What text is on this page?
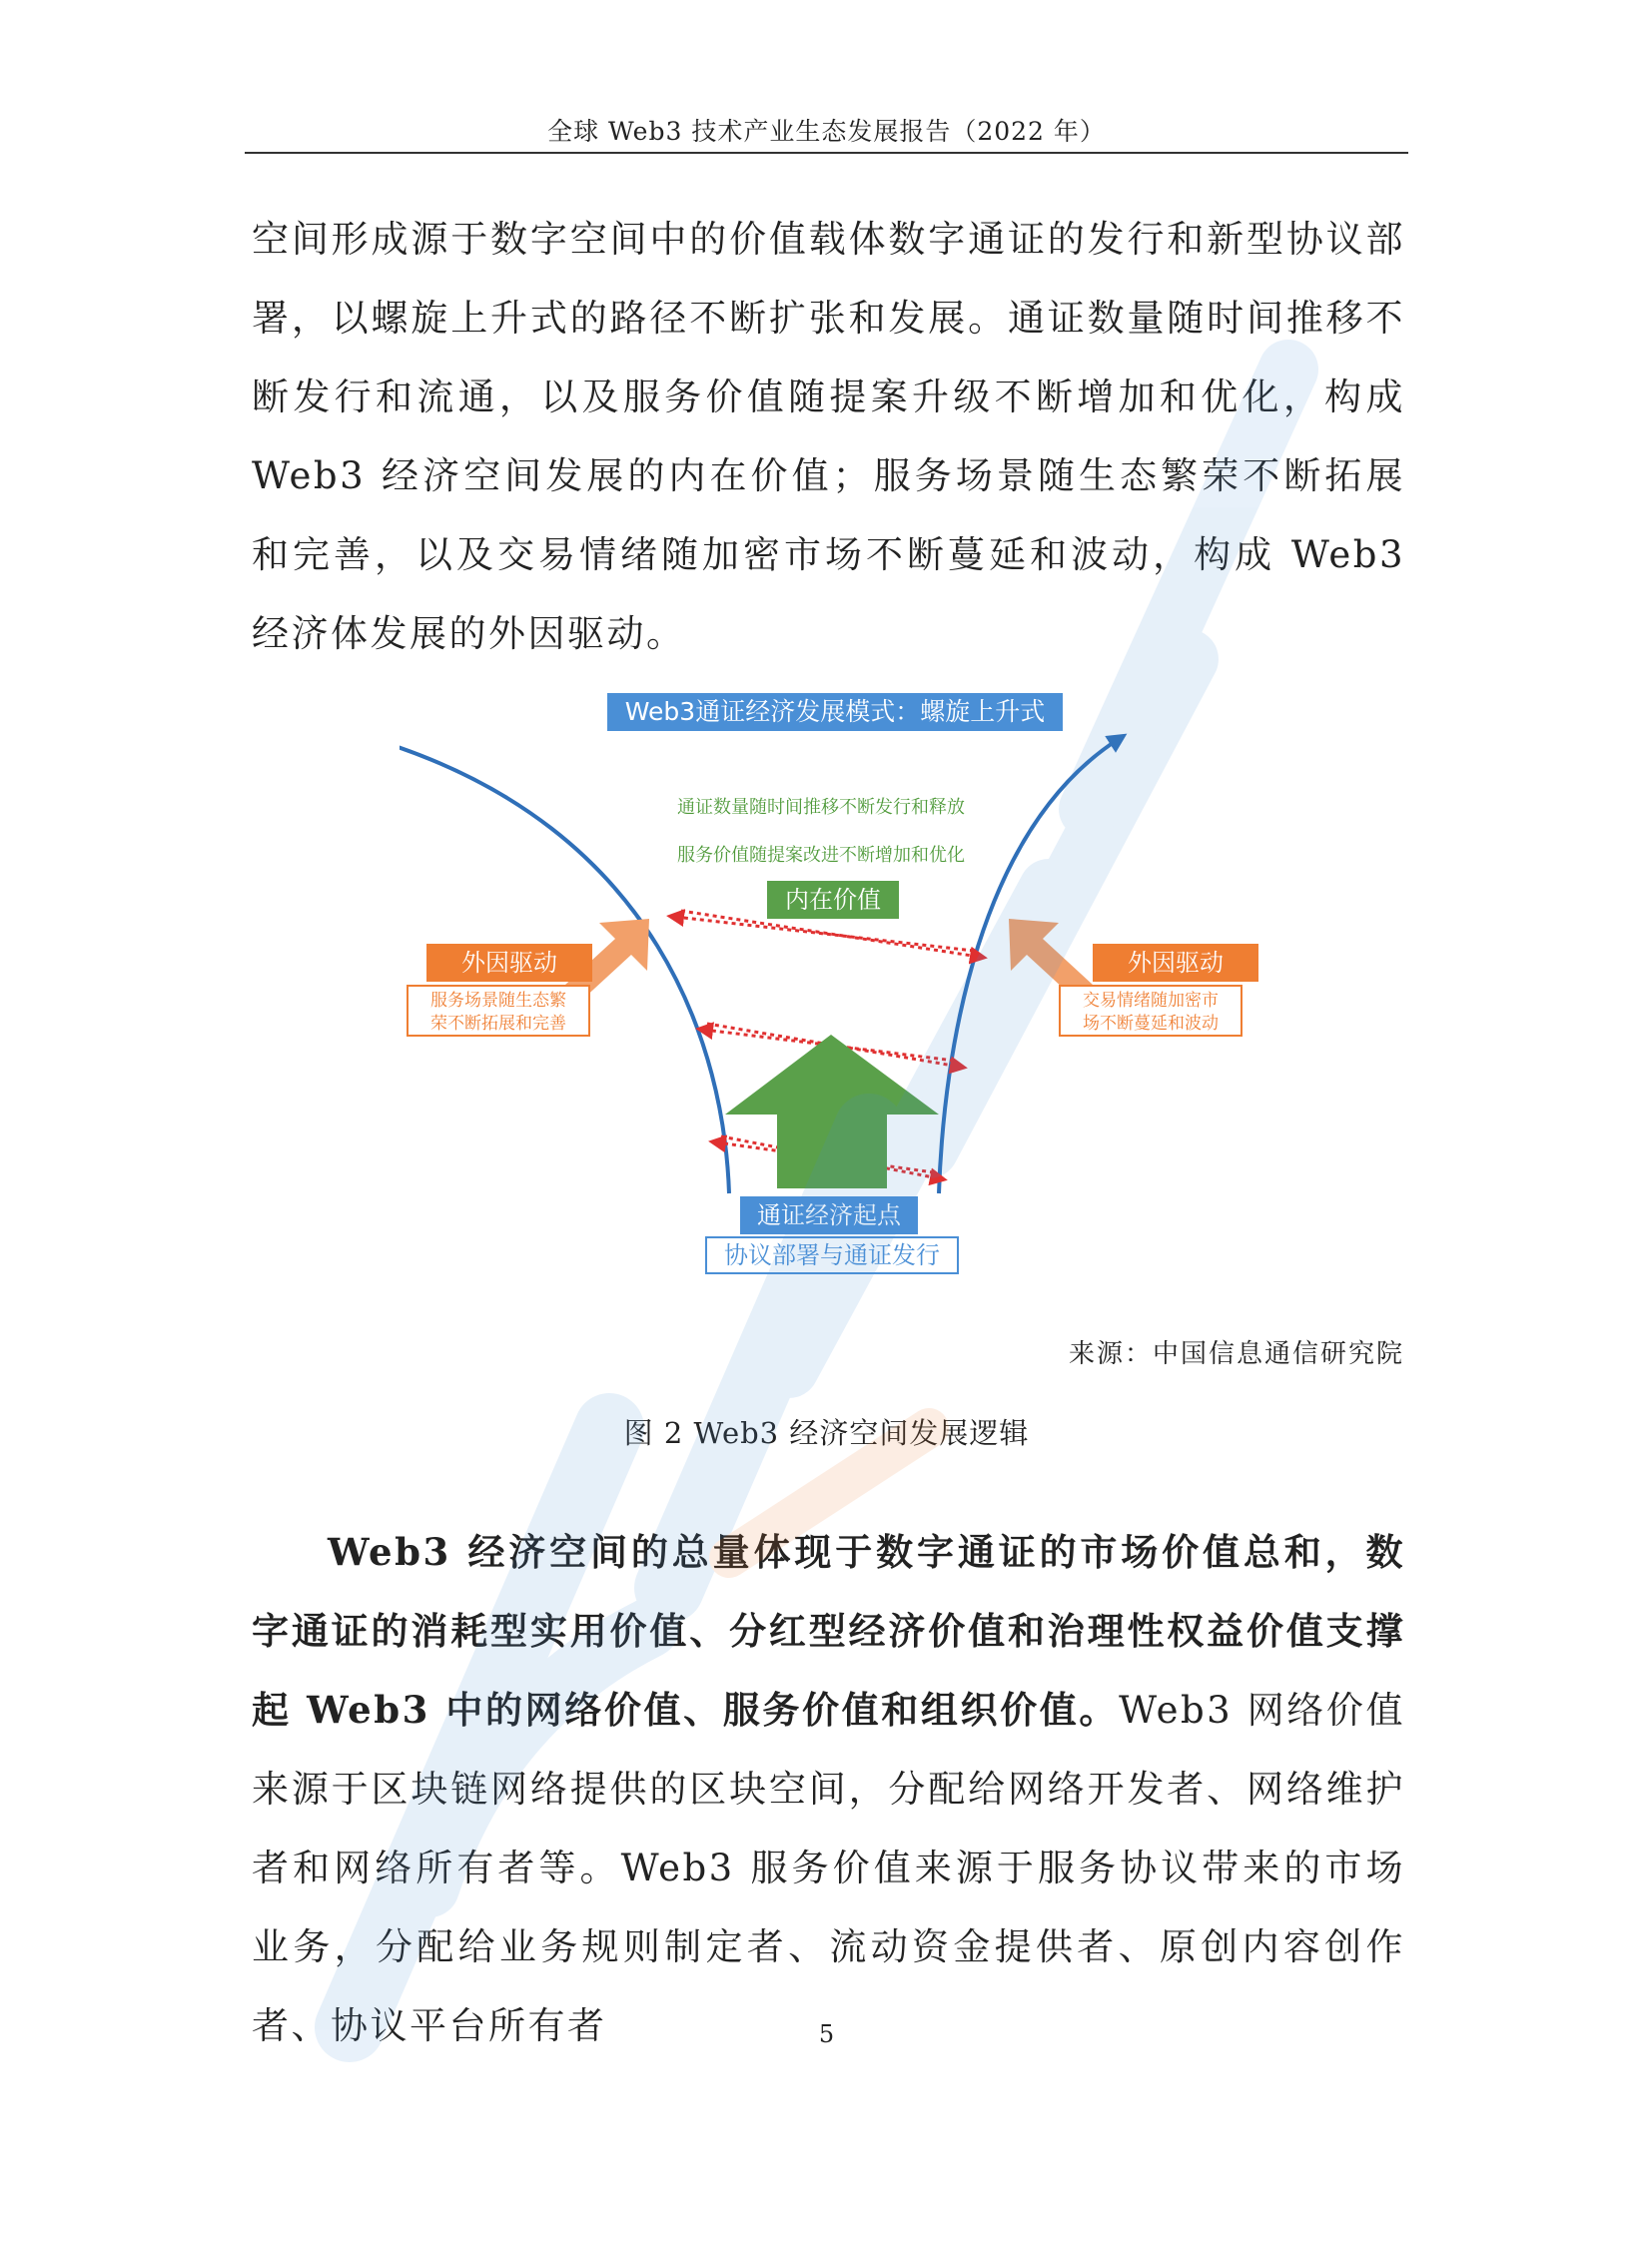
全球 Web3 技术产业生态发展报告（2022 年）

空间形成源于数字空间中的价值载体数字通证的发行和新型协议部署，以螺旋上升式的路径不断扩张和发展。通证数量随时间推移不断发行和流通，以及服务价值随提案升级不断增加和优化，构成 Web3 经济空间发展的内在价值；服务场景随生态繁荣不断拓展和完善，以及交易情绪随加密市场不断蔓延和波动，构成 Web3 经济体发展的外因驱动。

Web3通证经济发展模式：螺旋上升式
通证数量随时间推移不断发行和释放
服务价值随提案改进不断增加和优化
内在价值
外因驱动
服务场景随生态繁
荣不断拓展和完善
外因驱动
交易情绪随加密市
场不断蔓延和波动
通证经济起点
协议部署与通证发行
来源：中国信息通信研究院
图 2 Web3 经济空间发展逻辑

Web3 经济空间的总量体现于数字通证的市场价值总和，数字通证的消耗型实用价值、分红型经济价值和治理性权益价值支撑起 Web3 中的网络价值、服务价值和组织价值。Web3 网络价值来源于区块链网络提供的区块空间，分配给网络开发者、网络维护者和网络所有者等。Web3 服务价值来源于服务协议带来的市场业务，分配给业务规则制定者、流动资金提供者、原创内容创作者、协议平台所有者	5
